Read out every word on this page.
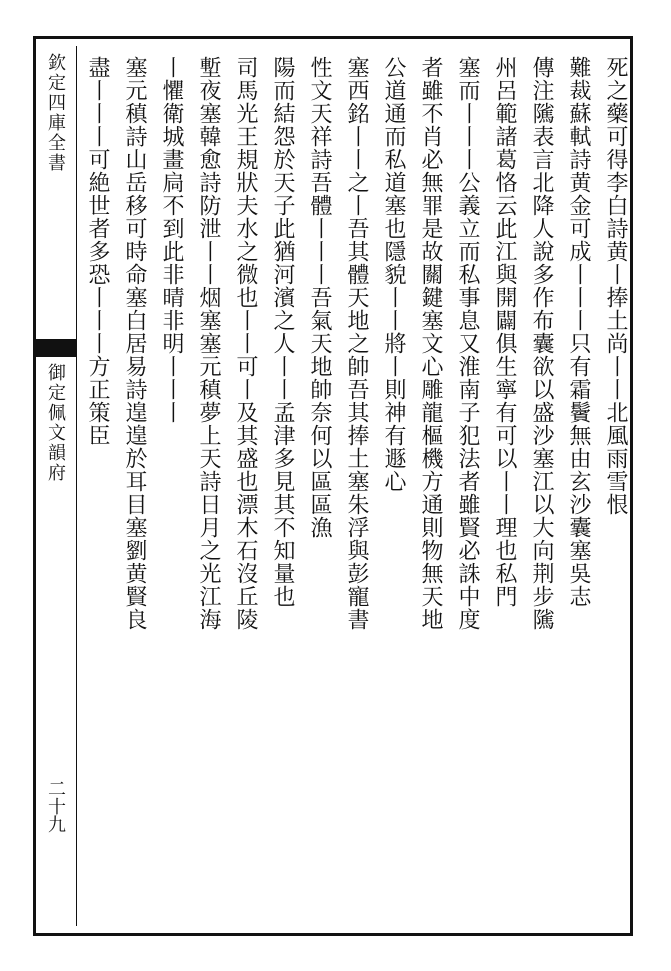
欽定四庫全書
御定佩文韻府
二十九
死之藥可得李白詩黄丨捧土尚丨丨北風雨雪恨
難裁蘇軾詩黄金可成丨丨丨只有霜鬢無由玄沙囊塞吳志
傳注隲表言北降人說多作布囊欲以盛沙塞江以大向荆步隲
州呂範諸葛恪云此江與開闢俱生寧有可以丨丨理也私門
塞而丨丨丨公義立而私事息又淮南子犯法者雖賢必誅中度
者雖不肖必無罪是故關鍵塞文心雕龍樞機方通則物無天地
公道通而私道塞也隱貌丨丨將丨則神有遯心
塞西銘丨丨之丨吾其體天地之帥吾其捧土塞朱浮與彭寵書
性文天祥詩吾體丨丨丨吾氣天地帥奈何以區區漁
陽而結怨於天子此猶河濱之人丨丨孟津多見其不知量也
司馬光王規狀夫水之微也丨丨可丨及其盛也漂木石沒丘陵
塹夜塞韓愈詩防泄丨丨烟塞塞元稹夢上天詩日月之光江海
丨懼衛城畫扃不到此非晴非明丨丨丨
塞元稹詩山岳移可時命塞白居易詩遑遑於耳目塞劉黄賢良
盡丨丨丨可絶世者多恐丨丨丨方正策臣
